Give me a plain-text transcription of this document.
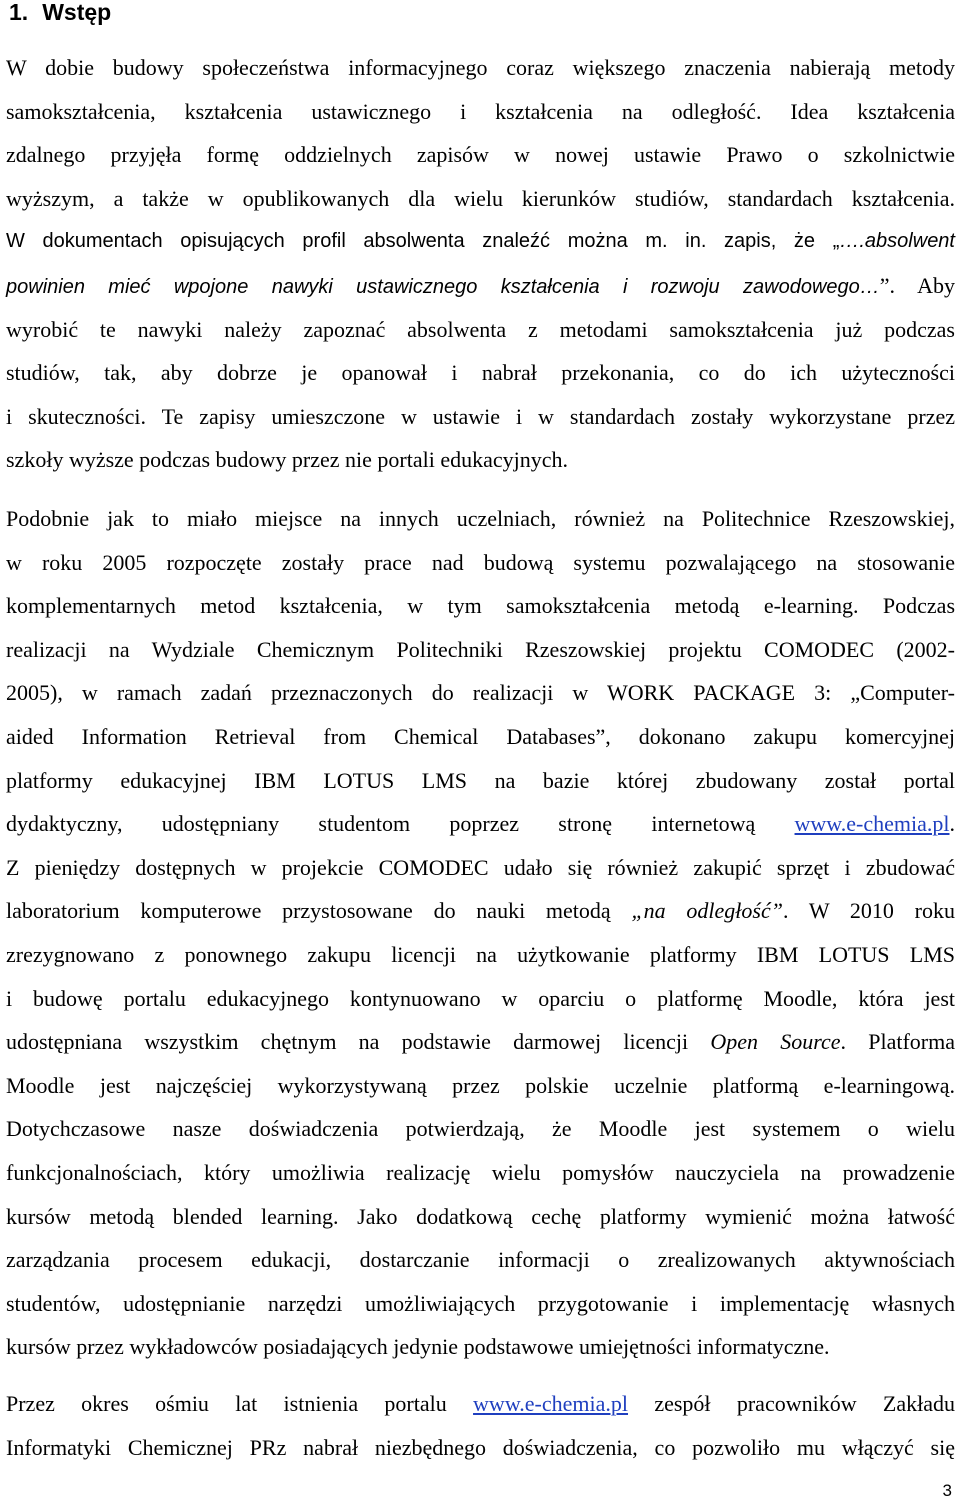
1. Wstęp
W dobie budowy społeczeństwa informacyjnego coraz większego znaczenia nabierają metody
samokształcenia, kształcenia ustawicznego i kształcenia na odległość. Idea kształcenia
zdalnego przyjęła formę oddzielnych zapisów w nowej ustawie Prawo o szkolnictwie
wyższym, a także w opublikowanych dla wielu kierunków studiów, standardach kształcenia.
W dokumentach opisujących profil absolwenta znaleźć można m. in. zapis, że „….absolwent
powinien mieć wpojone nawyki ustawicznego kształcenia i rozwoju zawodowego…”. Aby
wyrobić te nawyki należy zapoznać absolwenta z metodami samokształcenia już podczas
studiów, tak, aby dobrze je opanował i nabrał przekonania, co do ich użyteczności
i skuteczności. Te zapisy umieszczone w ustawie i w standardach zostały wykorzystane przez
szkoły wyższe podczas budowy przez nie portali edukacyjnych.
Podobnie jak to miało miejsce na innych uczelniach, również na Politechnice Rzeszowskiej,
w roku 2005 rozpoczęte zostały prace nad budową systemu pozwalającego na stosowanie
komplementarnych metod kształcenia, w tym samokształcenia metodą e-learning. Podczas
realizacji na Wydziale Chemicznym Politechniki Rzeszowskiej projektu COMODEC (2002-
2005), w ramach zadań przeznaczonych do realizacji w WORK PACKAGE 3: „Computer-
aided Information Retrieval from Chemical Databases”, dokonano zakupu komercyjnej
platformy edukacyjnej IBM LOTUS LMS na bazie której zbudowany został portal
dydaktyczny, udostępniany studentom poprzez stronę internetową www.e-chemia.pl.
Z pieniędzy dostępnych w projekcie COMODEC udało się również zakupić sprzęt i zbudować
laboratorium komputerowe przystosowane do nauki metodą „na odległość”. W 2010 roku
zrezygnowano z ponownego zakupu licencji na użytkowanie platformy IBM LOTUS LMS
i budowę portalu edukacyjnego kontynuowano w oparciu o platformę Moodle, która jest
udostępniana wszystkim chętnym na podstawie darmowej licencji Open Source. Platforma
Moodle jest najczęściej wykorzystywaną przez polskie uczelnie platformą e-learningową.
Dotychczasowe nasze doświadczenia potwierdzają, że Moodle jest systemem o wielu
funkcjonalnościach, który umożliwia realizację wielu pomysłów nauczyciela na prowadzenie
kursów metodą blended learning. Jako dodatkową cechę platformy wymienić można łatwość
zarządzania procesem edukacji, dostarczanie informacji o zrealizowanych aktywnościach
studentów, udostępnianie narzędzi umożliwiających przygotowanie i implementację własnych
kursów przez wykładowców posiadających jedynie podstawowe umiejętności informatyczne.
Przez okres ośmiu lat istnienia portalu www.e-chemia.pl zespół pracowników Zakładu
Informatyki Chemicznej PRz nabrał niezbędnego doświadczenia, co pozwoliło mu włączyć się
3
